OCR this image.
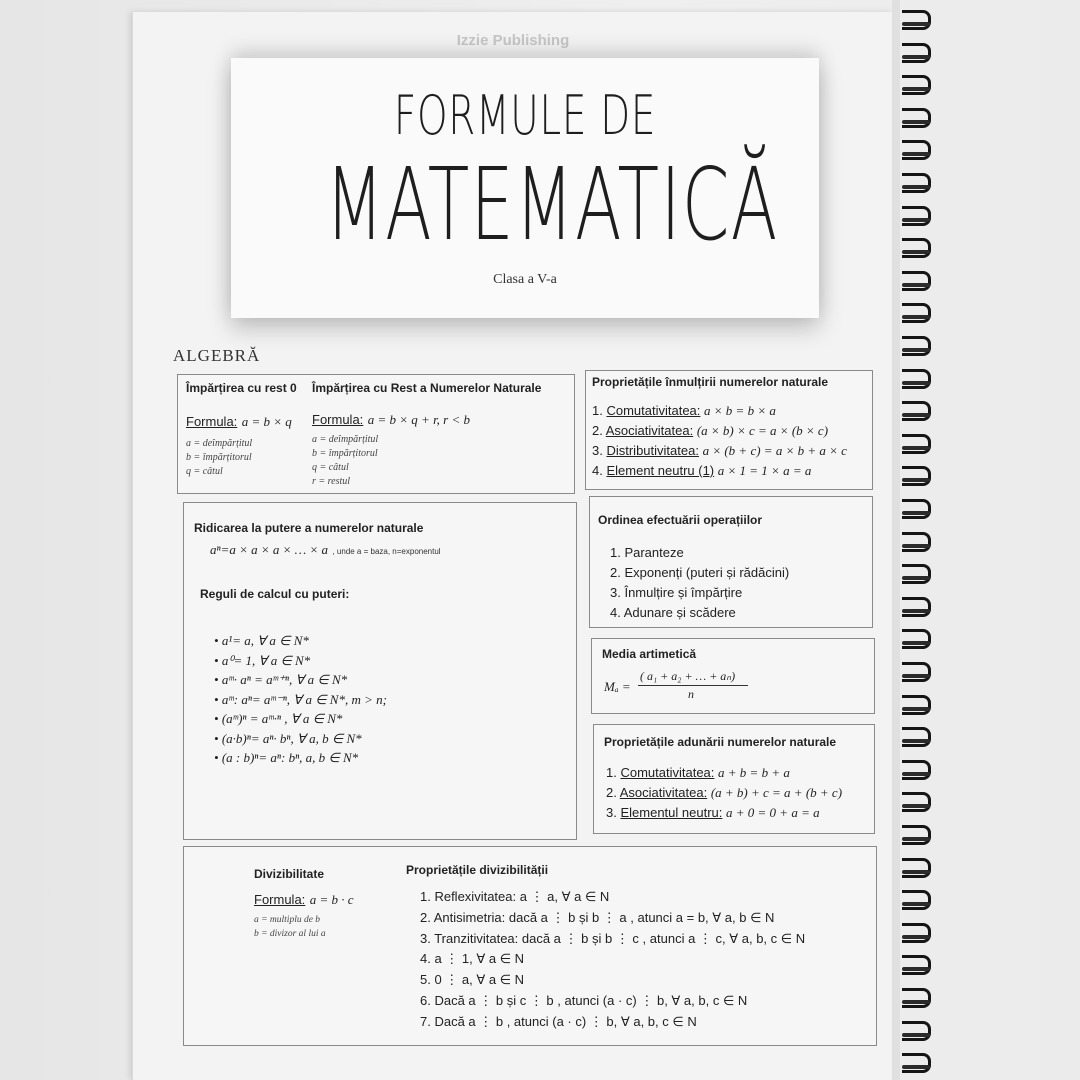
Izzie Publishing
FORMULE DE
MATEMATICĂ
Clasa a V-a
ALGEBRĂ
Împărțirea cu rest 0 Împărțirea cu Rest a Numerelor Naturale
Formula: a = b × q
a = deîmpărțitul
b = împărțitorul
q = câtul
Formula: a = b × q + r, r < b
a = deîmpărțitul
b = împărțitorul
q = câtul
r = restul
Proprietățile înmulțirii numerelor naturale
1. Comutativitatea: a × b = b × a
2. Asociativitatea: (a × b) × c = a × (b × c)
3. Distributivitatea: a × (b + c) = a × b + a × c
4. Element neutru (1) a × 1 = 1 × a = a
Ridicarea la putere a numerelor naturale
aⁿ=a × a × a × … × a , unde a = baza, n=exponentul
Reguli de calcul cu puteri:
• a¹= a, ∀ a ∈ N*
• a⁰= 1, ∀ a ∈ N*
• aᵐ· aⁿ = aᵐ⁺ⁿ, ∀ a ∈ N*
• aᵐ: aⁿ= aᵐ⁻ⁿ, ∀ a ∈ N*, m > n;
• (aᵐ)ⁿ = aᵐ·ⁿ , ∀ a ∈ N*
• (a·b)ⁿ= aⁿ· bⁿ, ∀ a, b ∈ N*
• (a : b)ⁿ= aⁿ: bⁿ, a, b ∈ N*
Ordinea efectuării operațiilor
1. Paranteze
2. Exponenți (puteri și rădăcini)
3. Înmulțire și împărțire
4. Adunare și scădere
Media artimetică
Mₐ =
( a₁ + a₂ + … + aₙ)
n
Proprietățile adunării numerelor naturale
1. Comutativitatea: a + b = b + a
2. Asociativitatea: (a + b) + c = a + (b + c)
3. Elementul neutru: a + 0 = 0 + a = a
Divizibilitate
Formula: a = b · c
a = multiplu de b
b = divizor al lui a
Proprietățile divizibilității
1. Reflexivitatea: a ⋮ a, ∀ a ∈ N
2. Antisimetria: dacă a ⋮ b și b ⋮ a , atunci a = b, ∀ a, b ∈ N
3. Tranzitivitatea: dacă a ⋮ b și b ⋮ c , atunci a ⋮ c, ∀ a, b, c ∈ N
4. a ⋮ 1, ∀ a ∈ N
5. 0 ⋮ a, ∀ a ∈ N
6. Dacă a ⋮ b și c ⋮ b , atunci (a · c) ⋮ b, ∀ a, b, c ∈ N
7. Dacă a ⋮ b , atunci (a · c) ⋮ b, ∀ a, b, c ∈ N
